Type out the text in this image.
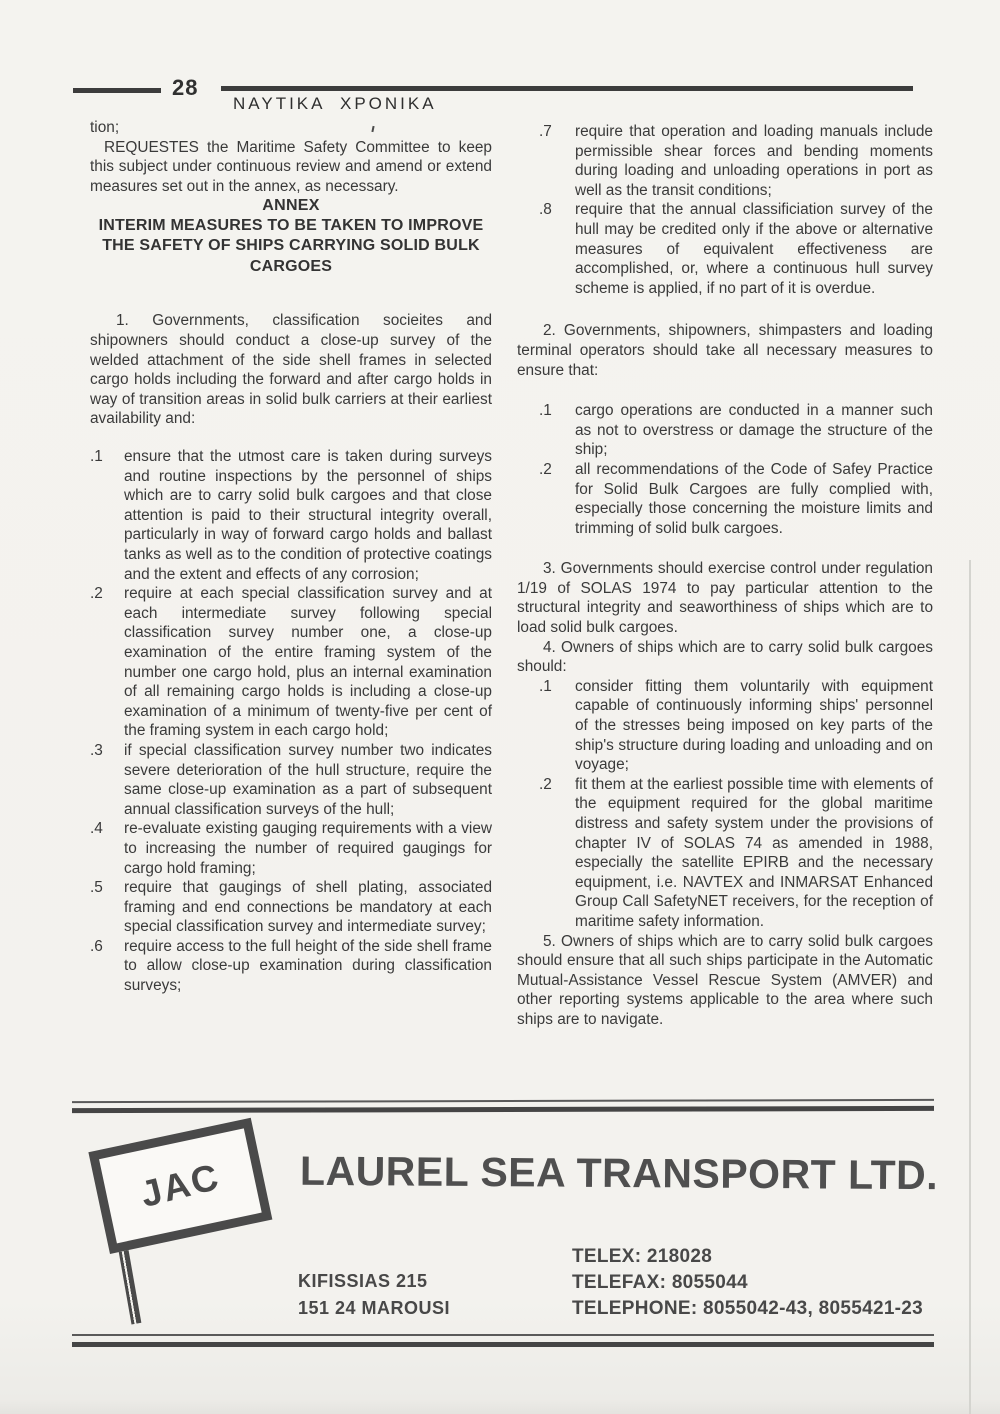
28
ΝΑΥΤΙΚΑ  ΧΡΟΝΙΚΑ

tion;

REQUESTES the Maritime Safety Committee to keep this subject under continuous review and amend or extend measures set out in the annex, as necessary.

ANNEX

INTERIM MEASURES TO BE TAKEN TO IMPROVE THE SAFETY OF SHIPS CARRYING SOLID BULK CARGOES

1. Governments, classification socieites and shipowners should conduct a close-up survey of the welded attachment of the side shell frames in selected cargo holds including the forward and after cargo holds in way of transition areas in solid bulk carriers at their earliest availability and:

.1	ensure that the utmost care is taken during surveys and routine inspections by the personnel of ships which are to carry solid bulk cargoes and that close attention is paid to their structural integrity overall, particularly in way of forward cargo holds and ballast tanks as well as to the condition of protective coatings and the extent and effects of any corrosion;
.2	require at each special classification survey and at each intermediate survey following special classification survey number one, a close-up examination of the entire framing system of the number one cargo hold, plus an internal examination of all remaining cargo holds is including a close-up examination of a minimum of twenty-five per cent of the framing system in each cargo hold;
.3	if special classification survey number two indicates severe deterioration of the hull structure, require the same close-up examination as a part of subsequent annual classification surveys of the hull;
.4	re-evaluate existing gauging requirements with a view to increasing the number of required gaugings for cargo hold framing;
.5	require that gaugings of shell plating, associated framing and end connections be mandatory at each special classification survey and intermediate survey;
.6	require access to the full height of the side shell frame to allow close-up examination during classification surveys;
.7	require that operation and loading manuals include permissible shear forces and bending moments during loading and unloading operations in port as well as the transit conditions;
.8	require that the annual classificiation survey of the hull may be credited only if the above or alternative measures of equivalent effectiveness are accomplished, or, where a continuous hull survey scheme is applied, if no part of it is overdue.

2. Governments, shipowners, shimpasters and loading terminal operators should take all necessary measures to ensure that:

.1	cargo operations are conducted in a manner such as not to overstress or damage the structure of the ship;
.2	all recommendations of the Code of Safey Practice for Solid Bulk Cargoes are fully complied with, especially those concerning the moisture limits and trimming of solid bulk cargoes.

3. Governments should exercise control under regulation 1/19 of SOLAS 1974 to pay particular attention to the structural integrity and seaworthiness of ships which are to load solid bulk cargoes.

4. Owners of ships which are to carry solid bulk cargoes should:

.1	consider fitting them voluntarily with equipment capable of continuously informing ships' personnel of the stresses being imposed on key parts of the ship's structure during loading and unloading and on voyage;
.2	fit them at the earliest possible time with elements of the equipment required for the global maritime distress and safety system under the provisions of chapter IV of SOLAS 74 as amended in 1988, especially the satellite EPIRB and the necessary equipment, i.e. NAVTEX and INMARSAT Enhanced Group Call SafetyNET receivers, for the reception of maritime safety information.

5. Owners of ships which are to carry solid bulk cargoes should ensure that all such ships participate in the Automatic Mutual-Assistance Vessel Rescue System (AMVER) and other reporting systems applicable to the area where such ships are to navigate.

JAC LAUREL SEA TRANSPORT LTD.
KIFISSIAS 215
151 24 MAROUSI
TELEX: 218028
TELEFAX: 8055044
TELEPHONE: 8055042-43, 8055421-23
